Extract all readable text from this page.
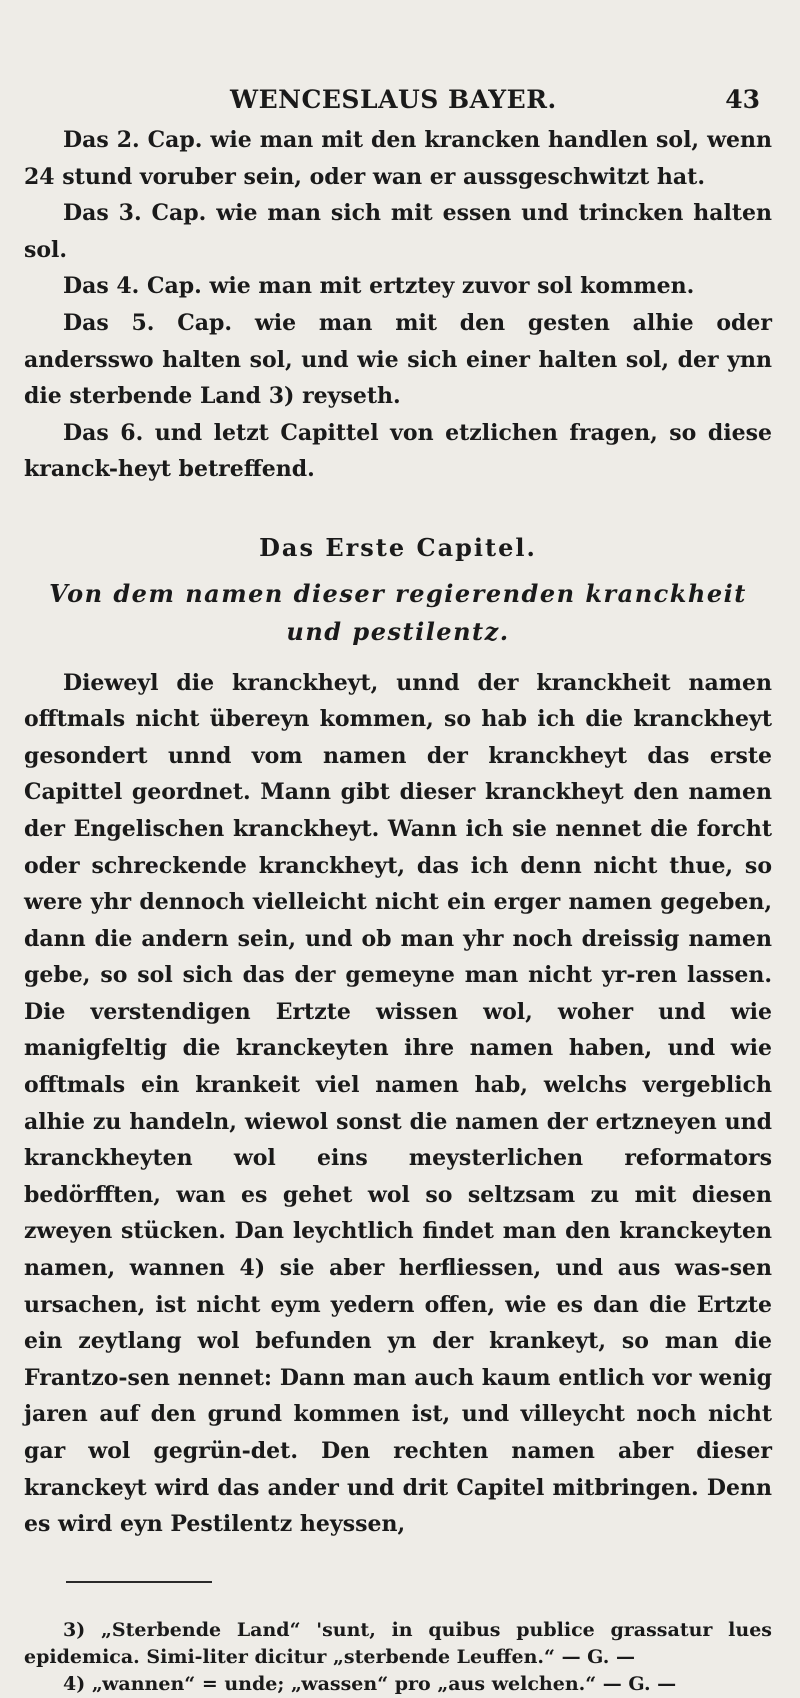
WENCESLAUS BAYER.	43

Das 2. Cap. wie man mit den krancken handlen sol, wenn 24 stund voruber sein, oder wan er aussgeschwitzt hat.

Das 3. Cap. wie man sich mit essen und trincken halten sol.

Das 4. Cap. wie man mit ertztey zuvor sol kommen.

Das 5. Cap. wie man mit den gesten alhie oder andersswo halten sol, und wie sich einer halten sol, der ynn die sterbende Land 3) reyseth.

Das 6. und letzt Capittel von etzlichen fragen, so diese kranck-heyt betreffend.

Das Erste Capitel.
Von dem namen dieser regierenden kranckheit und pestilentz.

Dieweyl die kranckheyt, unnd der kranckheit namen offtmals nicht übereyn kommen, so hab ich die kranckheyt gesondert unnd vom namen der kranckheyt das erste Capittel geordnet. Mann gibt dieser kranckheyt den namen der Engelischen kranckheyt. Wann ich sie nennet die forcht oder schreckende kranckheyt, das ich denn nicht thue, so were yhr dennoch vielleicht nicht ein erger namen gegeben, dann die andern sein, und ob man yhr noch dreissig namen gebe, so sol sich das der gemeyne man nicht yr-ren lassen. Die verstendigen Ertzte wissen wol, woher und wie manigfeltig die kranckeyten ihre namen haben, und wie offtmals ein krankeit viel namen hab, welchs vergeblich alhie zu handeln, wiewol sonst die namen der ertzneyen und kranckheyten wol eins meysterlichen reformators bedörfften, wan es gehet wol so seltzsam zu mit diesen zweyen stücken. Dan leychtlich findet man den kranckeyten namen, wannen 4) sie aber herfliessen, und aus was-sen ursachen, ist nicht eym yedern offen, wie es dan die Ertzte ein zeytlang wol befunden yn der krankeyt, so man die Frantzo-sen nennet: Dann man auch kaum entlich vor wenig jaren auf den grund kommen ist, und villeycht noch nicht gar wol gegrün-det. Den rechten namen aber dieser kranckeyt wird das ander und drit Capitel mitbringen. Denn es wird eyn Pestilentz heyssen,

3) „Sterbende Land“ 'sunt, in quibus publice grassatur lues epidemica. Simi-liter dicitur „sterbende Leuffen.“ — G. —

4) „wannen“ = unde; „wassen“ pro „aus welchen.“ — G. —
